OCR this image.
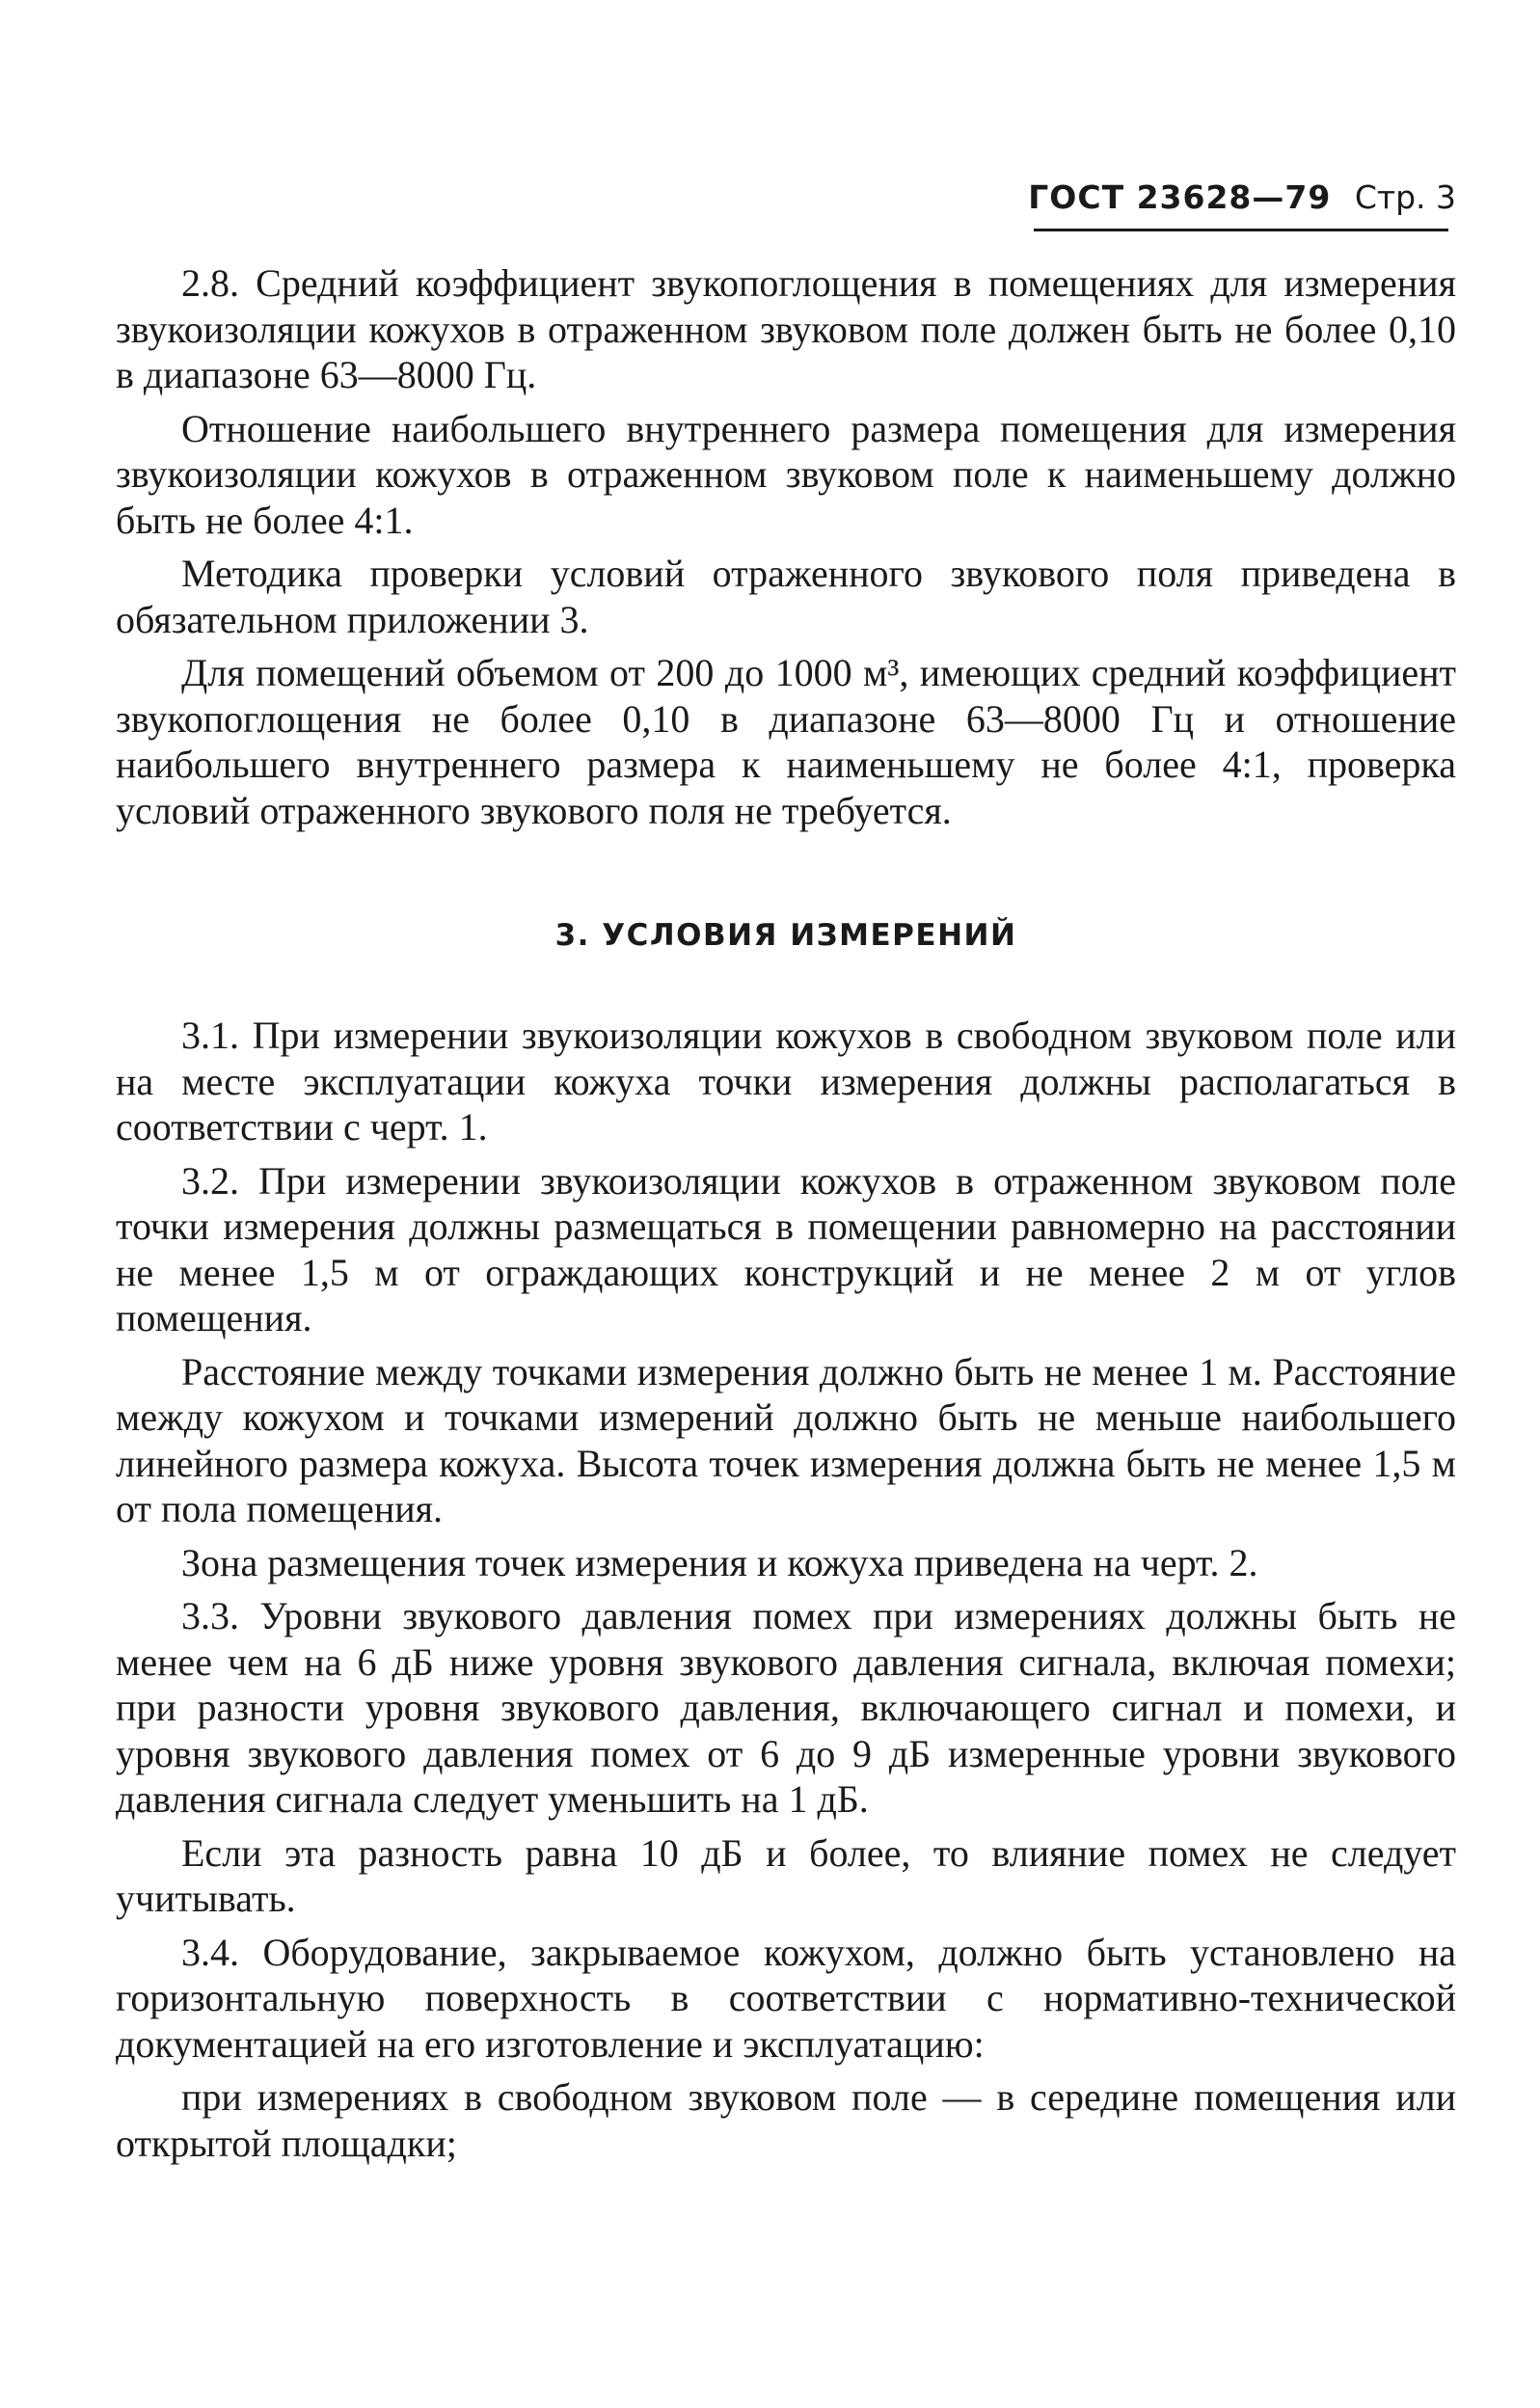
ГОСТ 23628—79 Стр. 3

2.8. Средний коэффициент звукопоглощения в помещениях для измерения звукоизоляции кожухов в отраженном звуковом поле должен быть не более 0,10 в диапазоне 63—8000 Гц.

Отношение наибольшего внутреннего размера помещения для измерения звукоизоляции кожухов в отраженном звуковом поле к наименьшему должно быть не более 4:1.

Методика проверки условий отраженного звукового поля приведена в обязательном приложении 3.

Для помещений объемом от 200 до 1000 м³, имеющих средний коэффициент звукопоглощения не более 0,10 в диапазоне 63—8000 Гц и отношение наибольшего внутреннего размера к наименьшему не более 4:1, проверка условий отраженного звукового поля не требуется.

3. УСЛОВИЯ ИЗМЕРЕНИЙ

3.1. При измерении звукоизоляции кожухов в свободном звуковом поле или на месте эксплуатации кожуха точки измерения должны располагаться в соответствии с черт. 1.

3.2. При измерении звукоизоляции кожухов в отраженном звуковом поле точки измерения должны размещаться в помещении равномерно на расстоянии не менее 1,5 м от ограждающих конструкций и не менее 2 м от углов помещения.

Расстояние между точками измерения должно быть не менее 1 м. Расстояние между кожухом и точками измерений должно быть не меньше наибольшего линейного размера кожуха. Высота точек измерения должна быть не менее 1,5 м от пола помещения.

Зона размещения точек измерения и кожуха приведена на черт. 2.

3.3. Уровни звукового давления помех при измерениях должны быть не менее чем на 6 дБ ниже уровня звукового давления сигнала, включая помехи; при разности уровня звукового давления, включающего сигнал и помехи, и уровня звукового давления помех от 6 до 9 дБ измеренные уровни звукового давления сигнала следует уменьшить на 1 дБ.

Если эта разность равна 10 дБ и более, то влияние помех не следует учитывать.

3.4. Оборудование, закрываемое кожухом, должно быть установлено на горизонтальную поверхность в соответствии с нормативно-технической документацией на его изготовление и эксплуатацию:

при измерениях в свободном звуковом поле — в середине помещения или открытой площадки;
